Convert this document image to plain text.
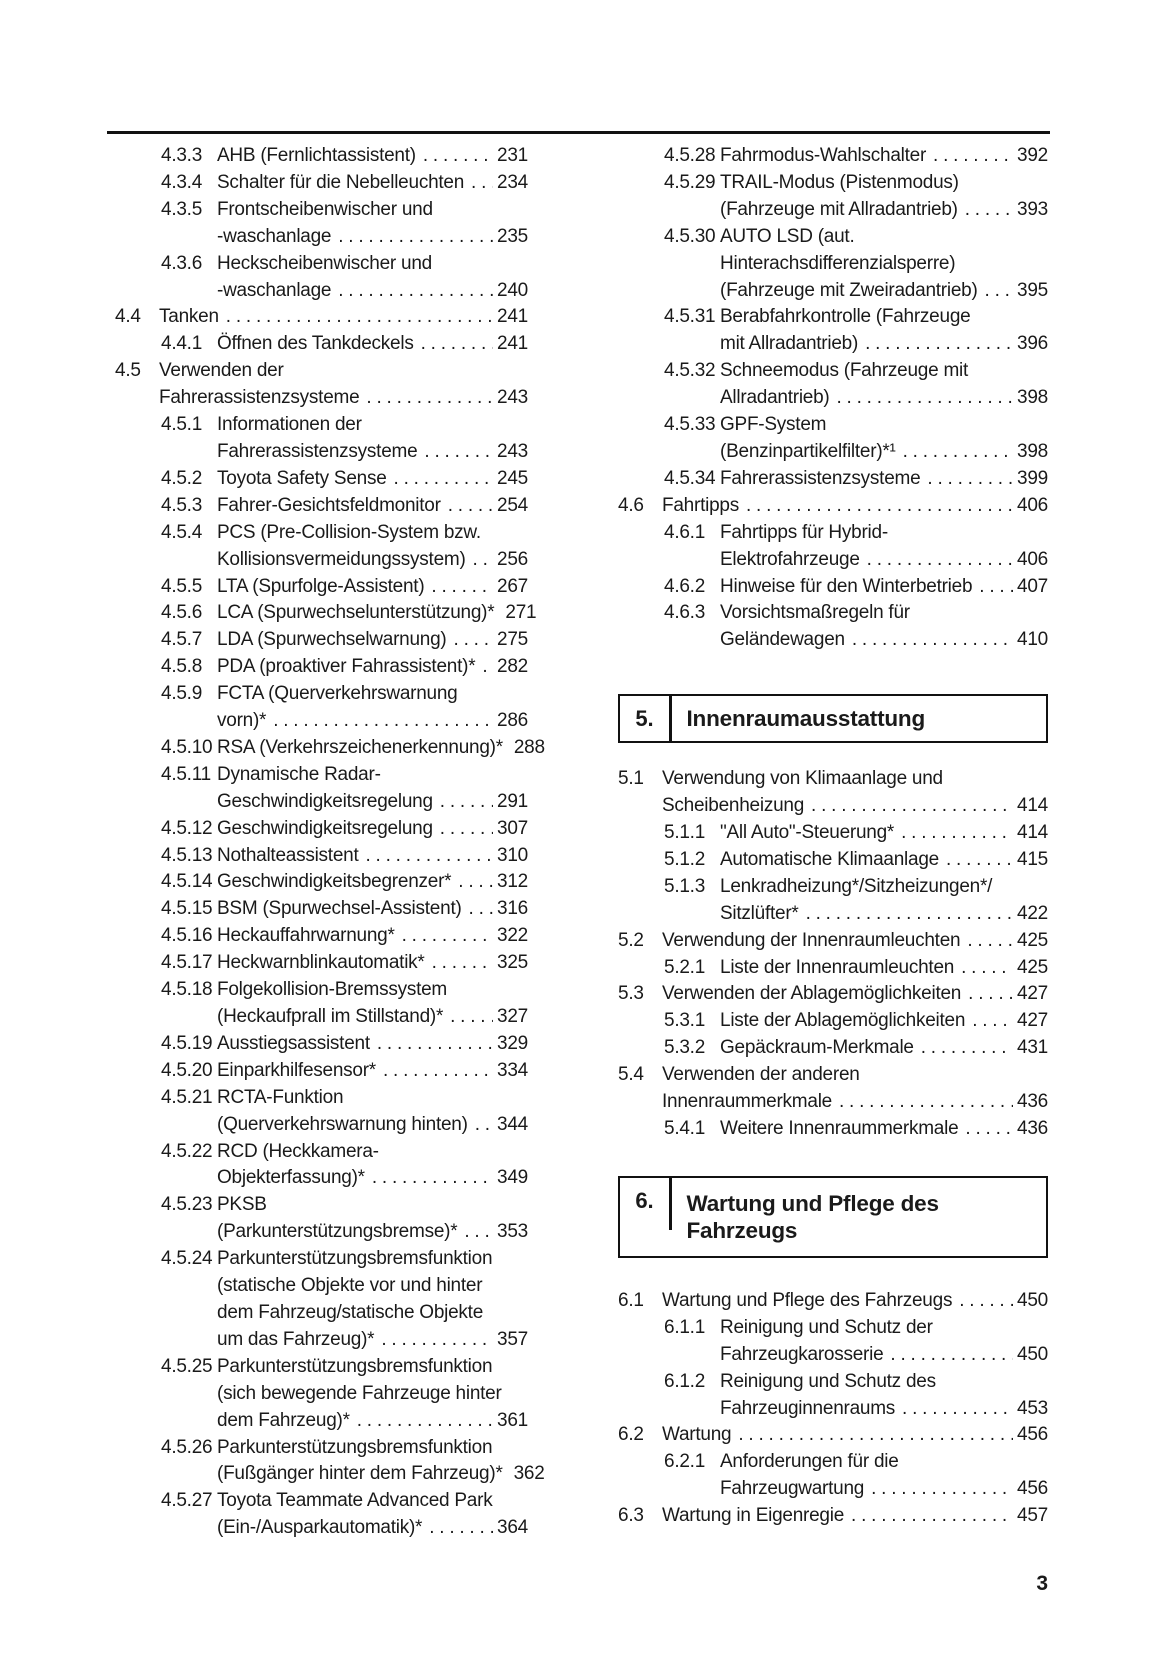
4.3.3 AHB (Fernlichtassistent) . . .	231
4.3.4 Schalter für die Nebelleuchten . . . 234
4.3.5 Frontscheibenwischer und
-waschanlage . . .	235
4.3.6 Heckscheibenwischer und
-waschanlage . . .	240
4.4 Tanken . . .	241
4.4.1 Öffnen des Tankdeckels . . .	241
4.5 Verwenden der
Fahrerassistenzsysteme . . .	243
4.5.1 Informationen der
Fahrerassistenzsysteme . . .	243
4.5.2 Toyota Safety Sense . . .	245
4.5.3 Fahrer-Gesichtsfeldmonitor . . .	254
4.5.4 PCS (Pre-Collision-System bzw.
Kollisionsvermeidungssystem) . . . 256
4.5.5 LTA (Spurfolge-Assistent) . . .	267
4.5.6 LCA (Spurwechselunterstützung)* 271
4.5.7 LDA (Spurwechselwarnung) . . .	275
4.5.8 PDA (proaktiver Fahrassistent)* . . . 282
4.5.9 FCTA (Querverkehrswarnung
vorn)* . . .	286
4.5.10 RSA (Verkehrszeichenerkennung)* 288
4.5.11 Dynamische Radar-
Geschwindigkeitsregelung . . .	291
4.5.12 Geschwindigkeitsregelung . . .	307
4.5.13 Nothalteassistent . . .	310
4.5.14 Geschwindigkeitsbegrenzer* . . . 312
4.5.15 BSM (Spurwechsel-Assistent) . . . 316
4.5.16 Heckauffahrwarnung* . . .	322
4.5.17 Heckwarnblinkautomatik* . . .	325
4.5.18 Folgekollision-Bremssystem
(Heckaufprall im Stillstand)* . . .	327
4.5.19 Ausstiegsassistent . . .	329
4.5.20 Einparkhilfesensor* . . .	334
4.5.21 RCTA-Funktion
(Querverkehrswarnung hinten) . . . 344
4.5.22 RCD (Heckkamera-
Objekterfassung)* . . .	349
4.5.23 PKSB
(Parkunterstützungsbremse)* . . . 353
4.5.24 Parkunterstützungsbremsfunktion
(statische Objekte vor und hinter
dem Fahrzeug/statische Objekte
um das Fahrzeug)* . . .	357
4.5.25 Parkunterstützungsbremsfunktion
(sich bewegende Fahrzeuge hinter
dem Fahrzeug)* . . .	361
4.5.26 Parkunterstützungsbremsfunktion
(Fußgänger hinter dem Fahrzeug)* 362
4.5.27 Toyota Teammate Advanced Park
(Ein-/Ausparkautomatik)* . . .	364
4.5.28 Fahrmodus-Wahlschalter . . .	392
4.5.29 TRAIL-Modus (Pistenmodus)
(Fahrzeuge mit Allradantrieb) . . .	393
4.5.30 AUTO LSD (aut.
Hinterachsdifferenzialsperre)
(Fahrzeuge mit Zweiradantrieb) . . . 395
4.5.31 Berabfahrkontrolle (Fahrzeuge
mit Allradantrieb) . . .	396
4.5.32 Schneemodus (Fahrzeuge mit
Allradantrieb) . . .	398
4.5.33 GPF-System
(Benzinpartikelfilter)*¹ . . .	398
4.5.34 Fahrerassistenzsysteme . . .	399
4.6 Fahrtipps . . .	406
4.6.1 Fahrtipps für Hybrid-
Elektrofahrzeuge . . .	406
4.6.2 Hinweise für den Winterbetrieb . . . 407
4.6.3 Vorsichtsmaßregeln für
Geländewagen . . .	410
5.	Innenraumausstattung
5.1 Verwendung von Klimaanlage und
Scheibenheizung . . .	414
5.1.1 "All Auto"-Steuerung* . . .	414
5.1.2 Automatische Klimaanlage . . .	415
5.1.3 Lenkradheizung*/Sitzheizungen*/
Sitzlüfter* . . .	422
5.2 Verwendung der Innenraumleuchten . . .	425
5.2.1 Liste der Innenraumleuchten . . .	425
5.3 Verwenden der Ablagemöglichkeiten . . .	427
5.3.1 Liste der Ablagemöglichkeiten . . .	427
5.3.2 Gepäckraum-Merkmale . . .	431
5.4 Verwenden der anderen
Innenraummerkmale . . .	436
5.4.1 Weitere Innenraummerkmale . . .	436
6.	Wartung und Pflege des
Fahrzeugs
6.1 Wartung und Pflege des Fahrzeugs . . .	450
6.1.1 Reinigung und Schutz der
Fahrzeugkarosserie . . .	450
6.1.2 Reinigung und Schutz des
Fahrzeuginnenraums . . .	453
6.2 Wartung . . .	456
6.2.1 Anforderungen für die
Fahrzeugwartung . . .	456
6.3 Wartung in Eigenregie . . .	457
3
